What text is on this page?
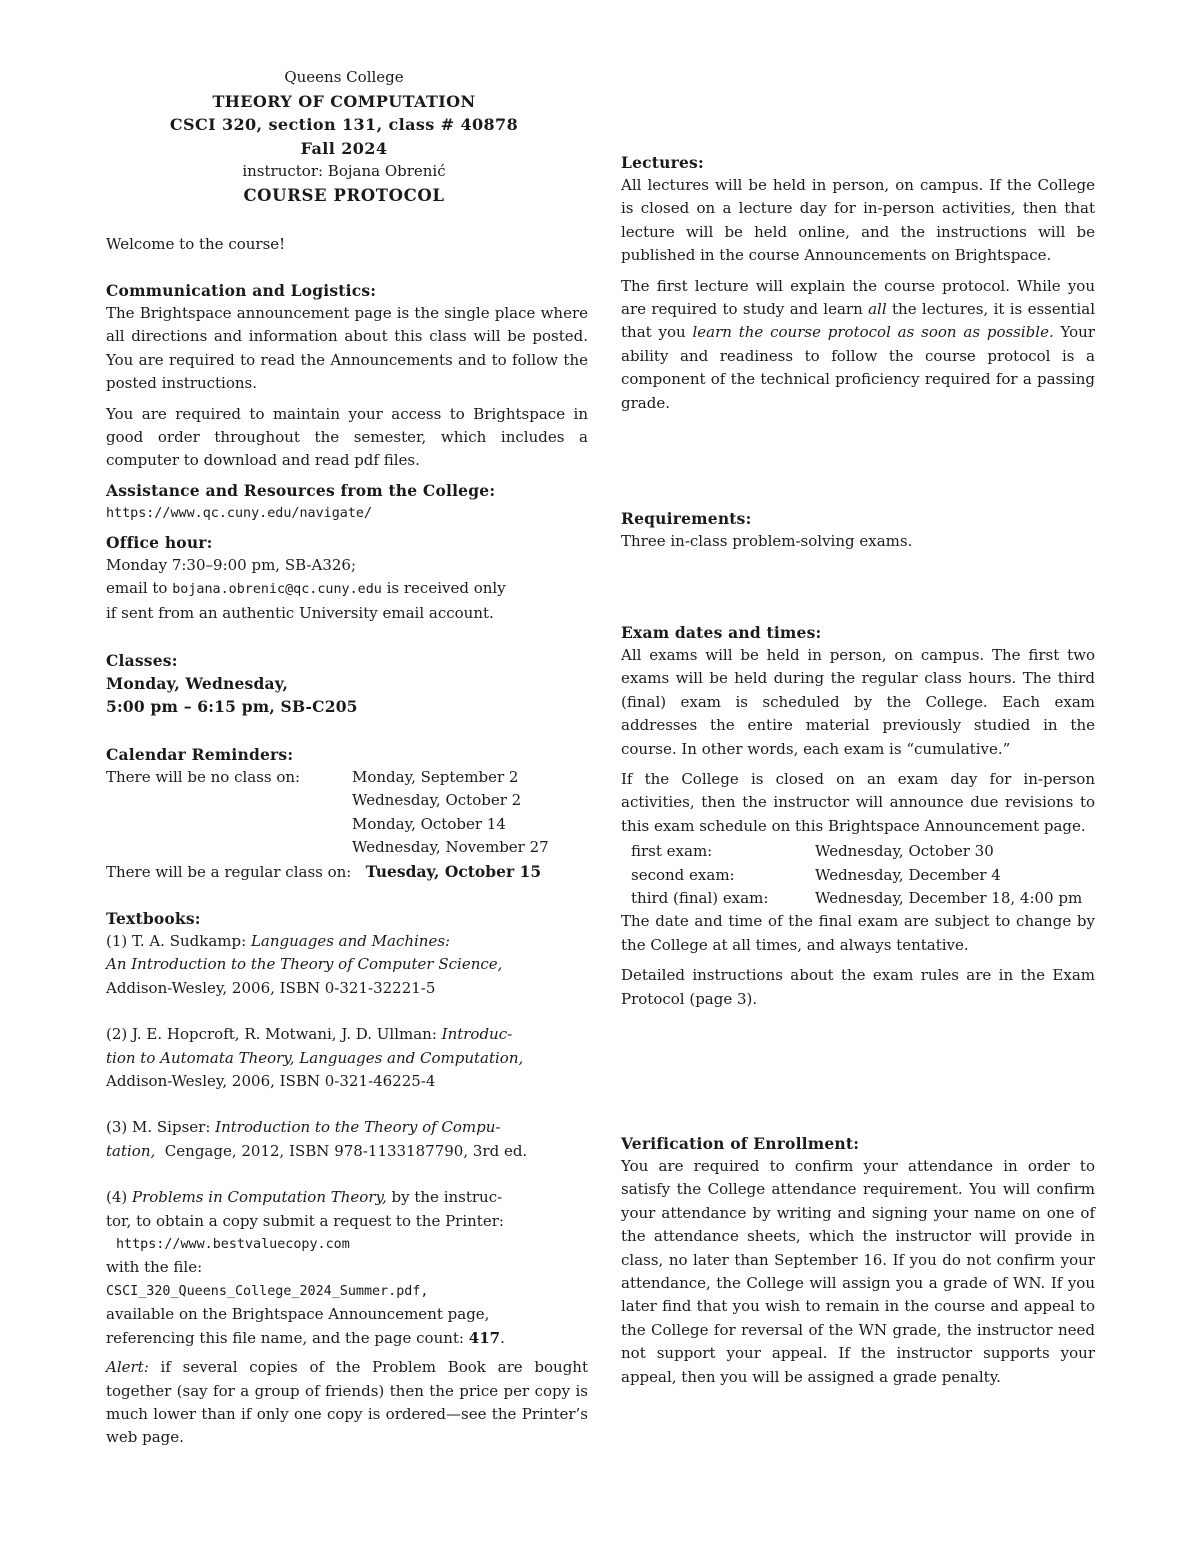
Queens College
THEORY OF COMPUTATION
CSCI 320, section 131, class # 40878
Fall 2024
instructor: Bojana Obrenić
COURSE PROTOCOL

Welcome to the course!

Communication and Logistics:

The Brightspace announcement page is the single place where all directions and information about this class will be posted. You are required to read the Announcements and to follow the posted instructions.

You are required to maintain your access to Brightspace in good order throughout the semester, which includes a computer to download and read pdf files.

Assistance and Resources from the College:

https://www.qc.cuny.edu/navigate/

Office hour:

Monday 7:30–9:00 pm, SB-A326;

email to bojana.obrenic@qc.cuny.edu is received only

if sent from an authentic University email account.

Classes:

Monday, Wednesday,

5:00 pm – 6:15 pm, SB-C205

Calendar Reminders:

There will be no class on:	Monday, September 2
	Wednesday, October 2
	Monday, October 14
	Wednesday, November 27

There will be a regular class on: Tuesday, October 15

Textbooks:

(1) T. A. Sudkamp: Languages and Machines:

An Introduction to the Theory of Computer Science,

Addison-Wesley, 2006, ISBN 0-321-32221-5

(2) J. E. Hopcroft, R. Motwani, J. D. Ullman: Introduc-

tion to Automata Theory, Languages and Computation,

Addison-Wesley, 2006, ISBN 0-321-46225-4

(3) M. Sipser: Introduction to the Theory of Compu-

tation,  Cengage, 2012, ISBN 978-1133187790, 3rd ed.

(4) Problems in Computation Theory, by the instruc-

tor, to obtain a copy submit a request to the Printer:

https://www.bestvaluecopy.com

with the file:

CSCI_320_Queens_College_2024_Summer.pdf,

available on the Brightspace Announcement page,

referencing this file name, and the page count: 417.

Alert: if several copies of the Problem Book are bought together (say for a group of friends) then the price per copy is much lower than if only one copy is ordered—see the Printer’s web page.

Lectures:

All lectures will be held in person, on campus. If the College is closed on a lecture day for in-person activities, then that lecture will be held online, and the instructions will be published in the course Announcements on Brightspace.

The first lecture will explain the course protocol. While you are required to study and learn all the lectures, it is essential that you learn the course protocol as soon as possible. Your ability and readiness to follow the course protocol is a component of the technical proficiency required for a passing grade.

Requirements:

Three in-class problem-solving exams.

Exam dates and times:

All exams will be held in person, on campus. The first two exams will be held during the regular class hours. The third (final) exam is scheduled by the College. Each exam addresses the entire material previously studied in the course. In other words, each exam is “cumulative.”

If the College is closed on an exam day for in-person activities, then the instructor will announce due revisions to this exam schedule on this Brightspace Announcement page.

first exam:	Wednesday, October 30
second exam:	Wednesday, December 4
third (final) exam:	Wednesday, December 18, 4:00 pm

The date and time of the final exam are subject to change by the College at all times, and always tentative.

Detailed instructions about the exam rules are in the Exam Protocol (page 3).

Verification of Enrollment:

You are required to confirm your attendance in order to satisfy the College attendance requirement. You will confirm your attendance by writing and signing your name on one of the attendance sheets, which the instructor will provide in class, no later than September 16. If you do not confirm your attendance, the College will assign you a grade of WN. If you later find that you wish to remain in the course and appeal to the College for reversal of the WN grade, the instructor need not support your appeal. If the instructor supports your appeal, then you will be assigned a grade penalty.
